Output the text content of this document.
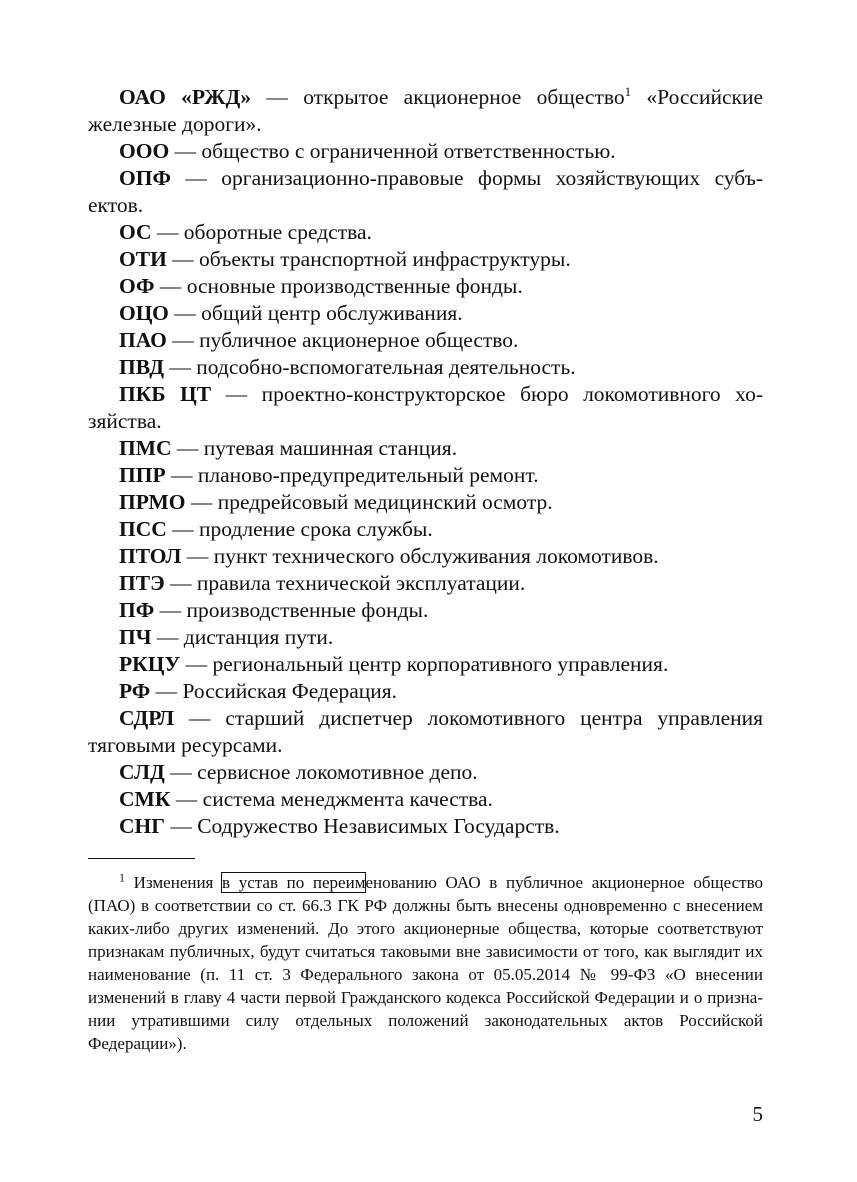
ОАО «РЖД» — открытое акционерное общество$^1$ «Российские железные дороги».

ООО — общество с ограниченной ответственностью.

ОПФ — организационно-правовые формы хозяйствующих субъектов.

ОС — оборотные средства.

ОТИ — объекты транспортной инфраструктуры.

ОФ — основные производственные фонды.

ОЦО — общий центр обслуживания.

ПАО — публичное акционерное общество.

ПВД — подсобно-вспомогательная деятельность.

ПКБ ЦТ — проектно-конструкторское бюро локомотивного хозяйства.

ПМС — путевая машинная станция.

ППР — планово-предупредительный ремонт.

ПРМО — предрейсовый медицинский осмотр.

ПСС — продление срока службы.

ПТОЛ — пункт технического обслуживания локомотивов.

ПТЭ — правила технической эксплуатации.

ПФ — производственные фонды.

ПЧ — дистанция пути.

РКЦУ — региональный центр корпоративного управления.

РФ — Российская Федерация.

СДРЛ — старший диспетчер локомотивного центра управления тяговыми ресурсами.

СЛД — сервисное локомотивное депо.

СМК — система менеджмента качества.

СНГ — Содружество Независимых Государств.

$^1$ Изменения в устав по переименованию ОАО в публичное акционерное общество (ПАО) в соответствии со ст. 66.3 ГК РФ должны быть внесены одновременно с внесением каких-либо других изменений. До этого акционерные общества, которые соответствуют признакам публичных, будут считаться таковыми вне зависимости от того, как выглядит их наименование (п. 11 ст. 3 Федерального закона от 05.05.2014 № 99-ФЗ «О внесении изменений в главу 4 части первой Гражданского кодекса Российской Федерации и о признании утратившими силу отдельных положений законодательных актов Российской Федерации»).

5
